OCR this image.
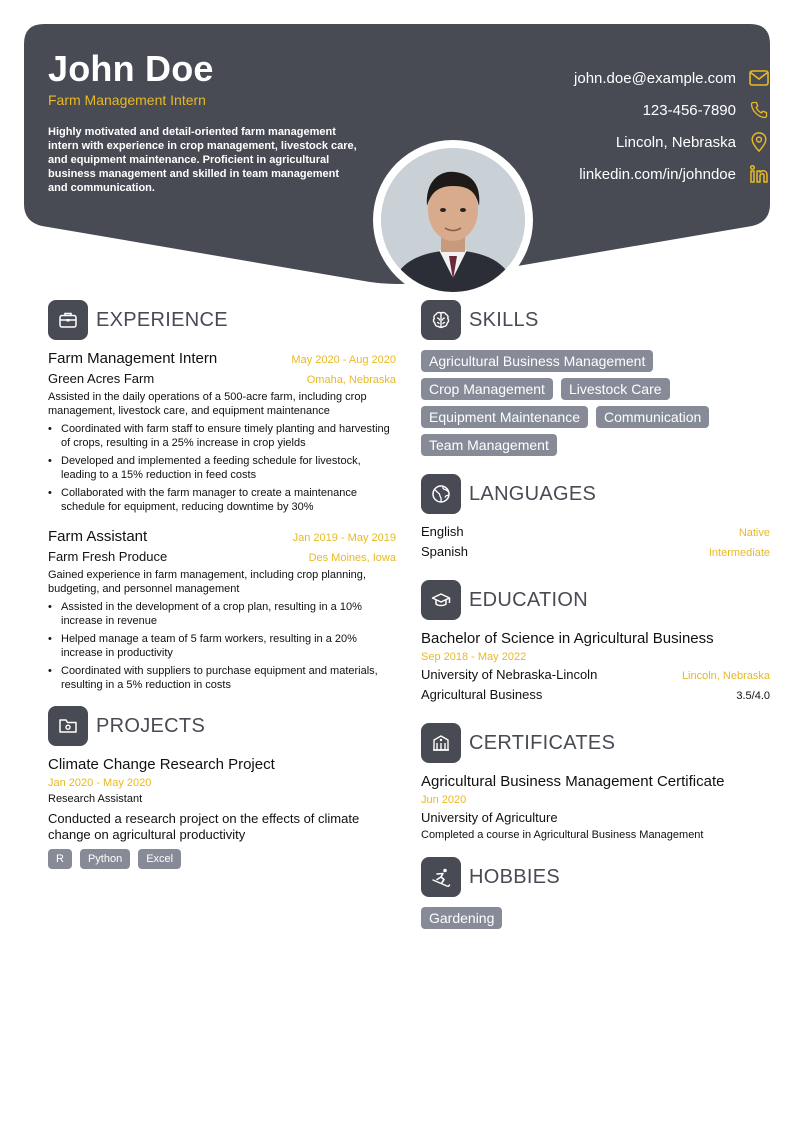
John Doe
Farm Management Intern
Highly motivated and detail-oriented farm management intern with experience in crop management, livestock care, and equipment maintenance. Proficient in agricultural business management and skilled in team management and communication.
john.doe@example.com
123-456-7890
Lincoln, Nebraska
linkedin.com/in/johndoe
EXPERIENCE
Farm Management Intern	May 2020 - Aug 2020
Green Acres Farm	Omaha, Nebraska
Assisted in the daily operations of a 500-acre farm, including crop management, livestock care, and equipment maintenance
• Coordinated with farm staff to ensure timely planting and harvesting of crops, resulting in a 25% increase in crop yields
• Developed and implemented a feeding schedule for livestock, leading to a 15% reduction in feed costs
• Collaborated with the farm manager to create a maintenance schedule for equipment, reducing downtime by 30%
Farm Assistant	Jan 2019 - May 2019
Farm Fresh Produce	Des Moines, Iowa
Gained experience in farm management, including crop planning, budgeting, and personnel management
• Assisted in the development of a crop plan, resulting in a 10% increase in revenue
• Helped manage a team of 5 farm workers, resulting in a 20% increase in productivity
• Coordinated with suppliers to purchase equipment and materials, resulting in a 5% reduction in costs
PROJECTS
Climate Change Research Project
Jan 2020 - May 2020
Research Assistant
Conducted a research project on the effects of climate change on agricultural productivity
R	Python	Excel
SKILLS
Agricultural Business Management
Crop Management	Livestock Care
Equipment Maintenance	Communication
Team Management
LANGUAGES
English	Native
Spanish	Intermediate
EDUCATION
Bachelor of Science in Agricultural Business
Sep 2018 - May 2022
University of Nebraska-Lincoln	Lincoln, Nebraska
Agricultural Business	3.5/4.0
CERTIFICATES
Agricultural Business Management Certificate
Jun 2020
University of Agriculture
Completed a course in Agricultural Business Management
HOBBIES
Gardening
